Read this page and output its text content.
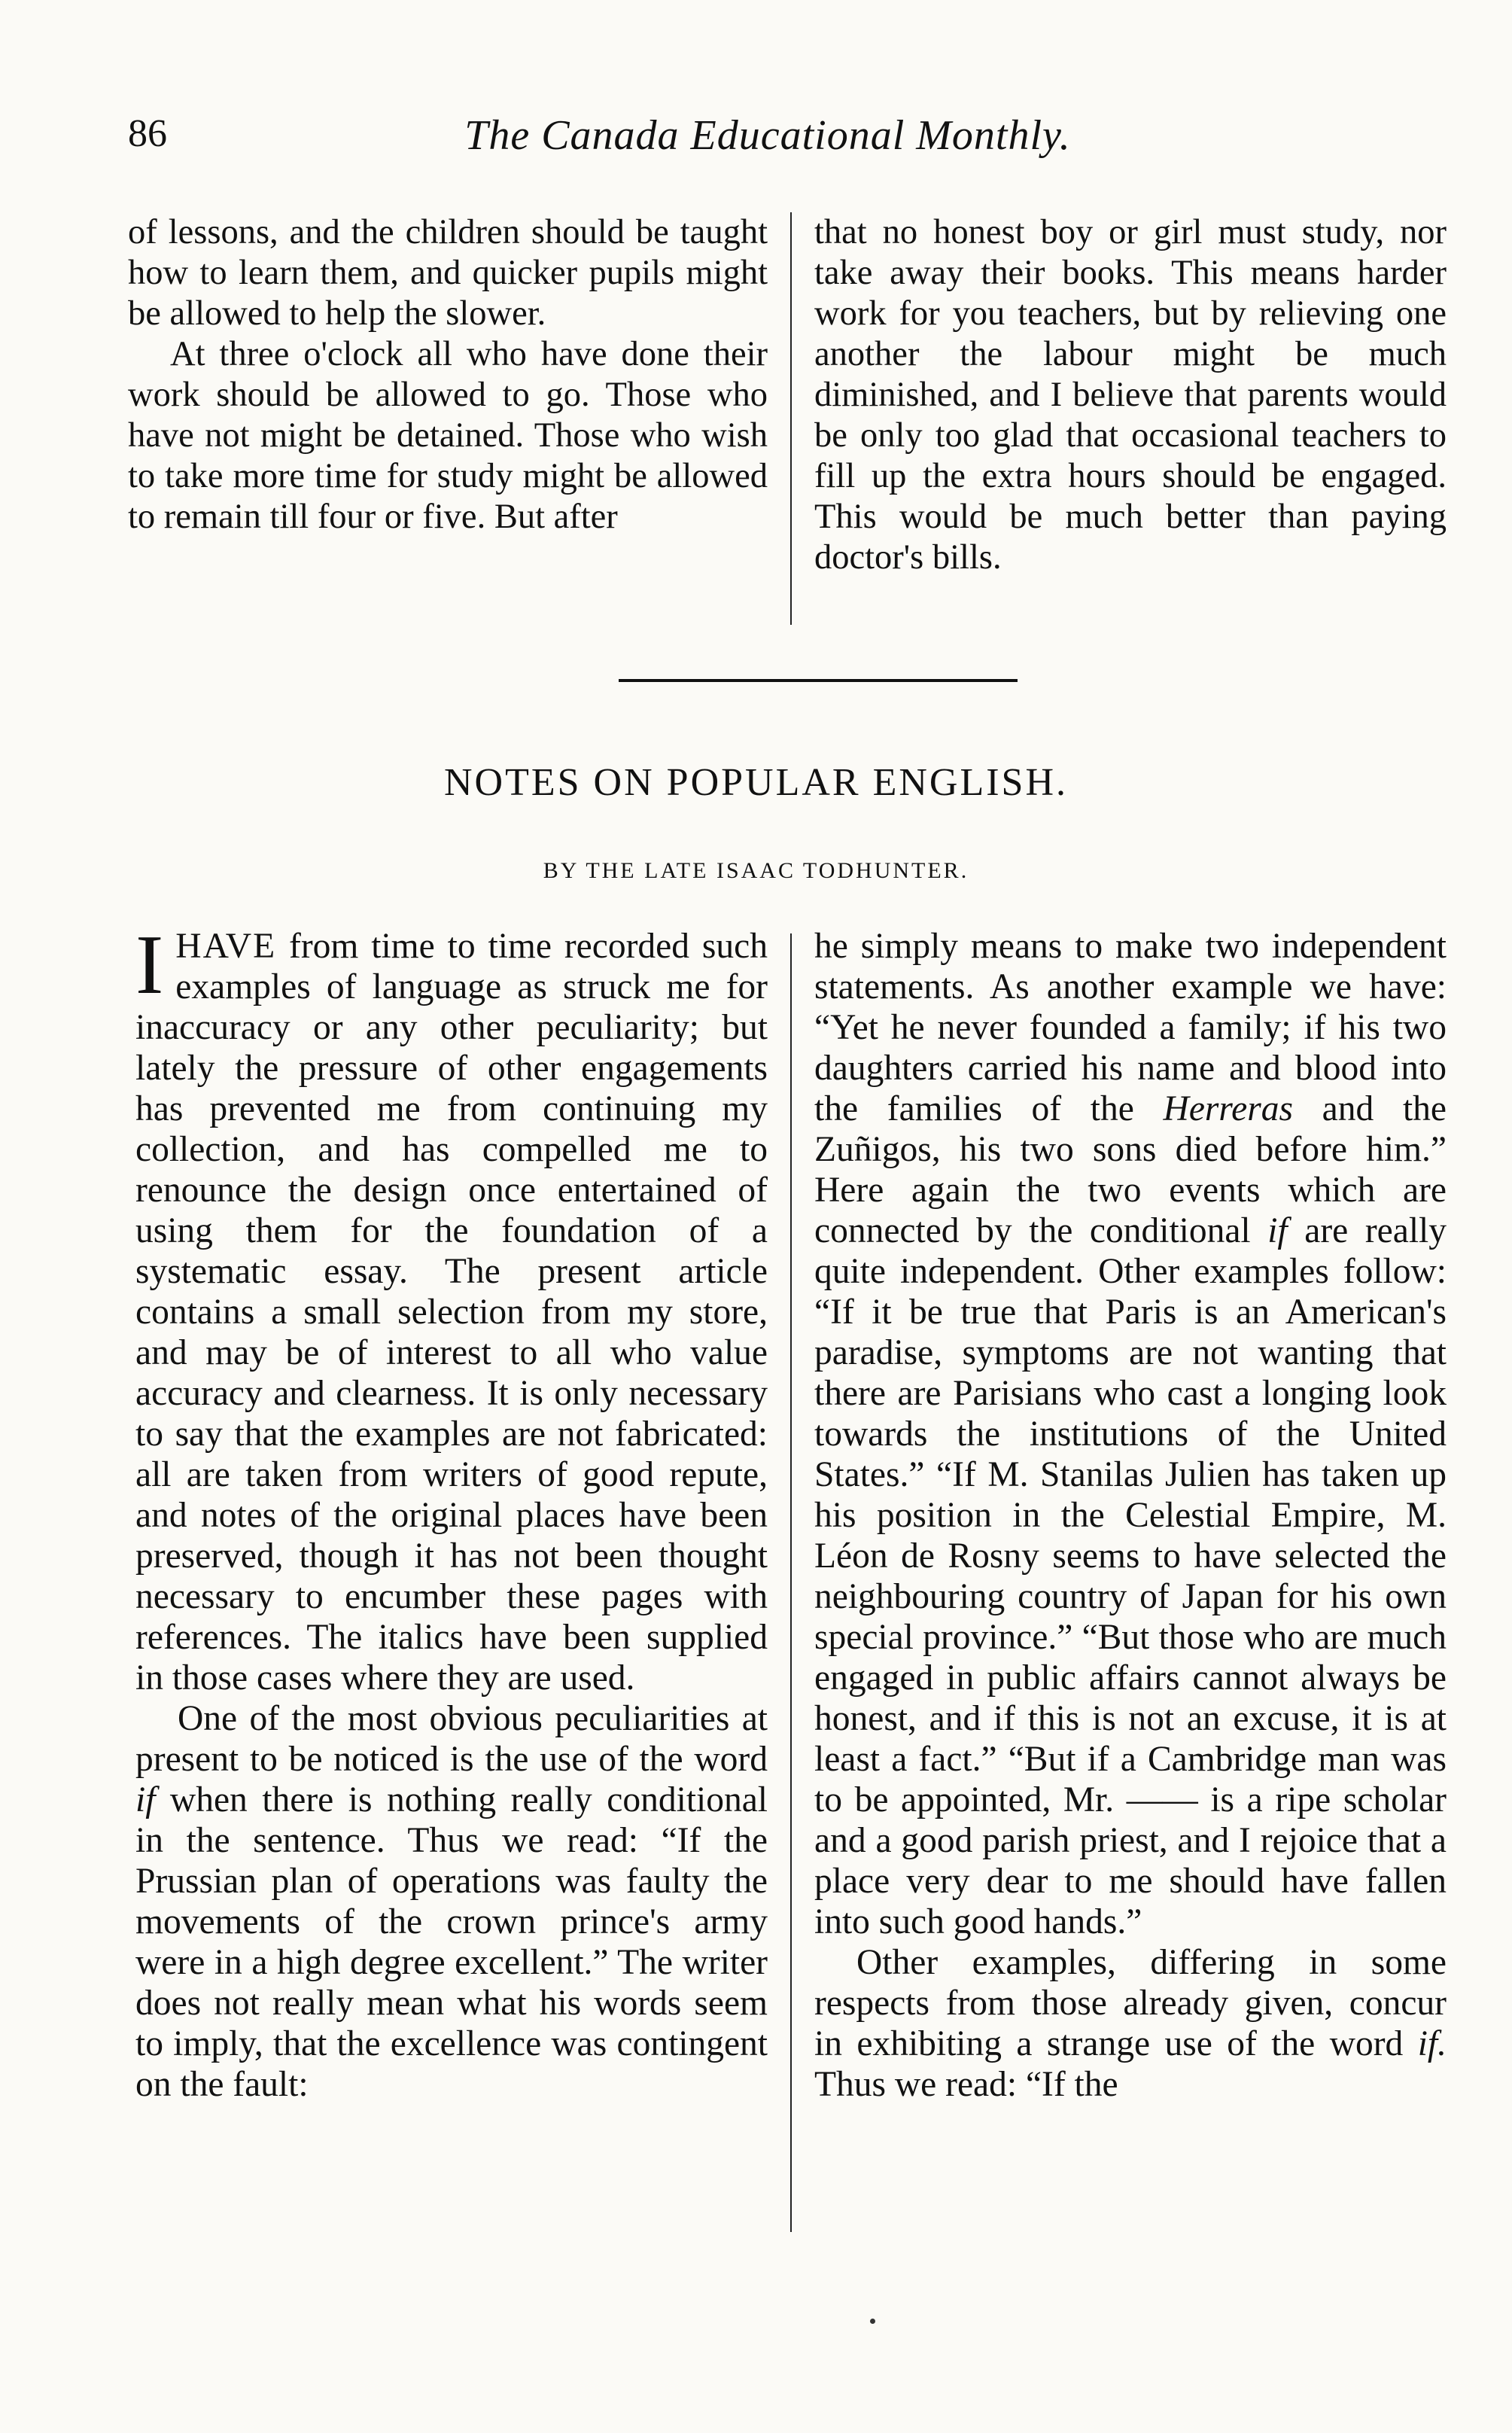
86	The Canada Educational Monthly.

of lessons, and the children should be taught how to learn them, and quicker pupils might be allowed to help the slower.

At three o'clock all who have done their work should be allowed to go. Those who have not might be detained. Those who wish to take more time for study might be allowed to remain till four or five. But after

that no honest boy or girl must study, nor take away their books. This means harder work for you teachers, but by relieving one another the labour might be much diminished, and I believe that parents would be only too glad that occasional teachers to fill up the extra hours should be engaged. This would be much better than paying doctor's bills.

NOTES ON POPULAR ENGLISH.
BY THE LATE ISAAC TODHUNTER.

IHAVE from time to time recorded such examples of language as struck me for inaccuracy or any other peculiarity; but lately the pressure of other engagements has prevented me from continuing my collection, and has compelled me to renounce the design once entertained of using them for the foundation of a systematic essay. The present article contains a small selection from my store, and may be of interest to all who value accuracy and clearness. It is only necessary to say that the examples are not fabricated: all are taken from writers of good repute, and notes of the original places have been preserved, though it has not been thought necessary to encumber these pages with references. The italics have been supplied in those cases where they are used.

One of the most obvious peculiarities at present to be noticed is the use of the word if when there is nothing really conditional in the sentence. Thus we read: “If the Prussian plan of operations was faulty the movements of the crown prince's army were in a high degree excellent.” The writer does not really mean what his words seem to imply, that the excellence was contingent on the fault:

he simply means to make two independent statements. As another example we have: “Yet he never founded a family; if his two daughters carried his name and blood into the families of the Herreras and the Zuñigos, his two sons died before him.” Here again the two events which are connected by the conditional if are really quite independent. Other examples follow: “If it be true that Paris is an American's paradise, symptoms are not wanting that there are Parisians who cast a longing look towards the institutions of the United States.” “If M. Stanilas Julien has taken up his position in the Celestial Empire, M. Léon de Rosny seems to have selected the neighbouring country of Japan for his own special province.” “But those who are much engaged in public affairs cannot always be honest, and if this is not an excuse, it is at least a fact.” “But if a Cambridge man was to be appointed, Mr. —— is a ripe scholar and a good parish priest, and I rejoice that a place very dear to me should have fallen into such good hands.”

Other examples, differing in some respects from those already given, concur in exhibiting a strange use of the word if. Thus we read: “If the
